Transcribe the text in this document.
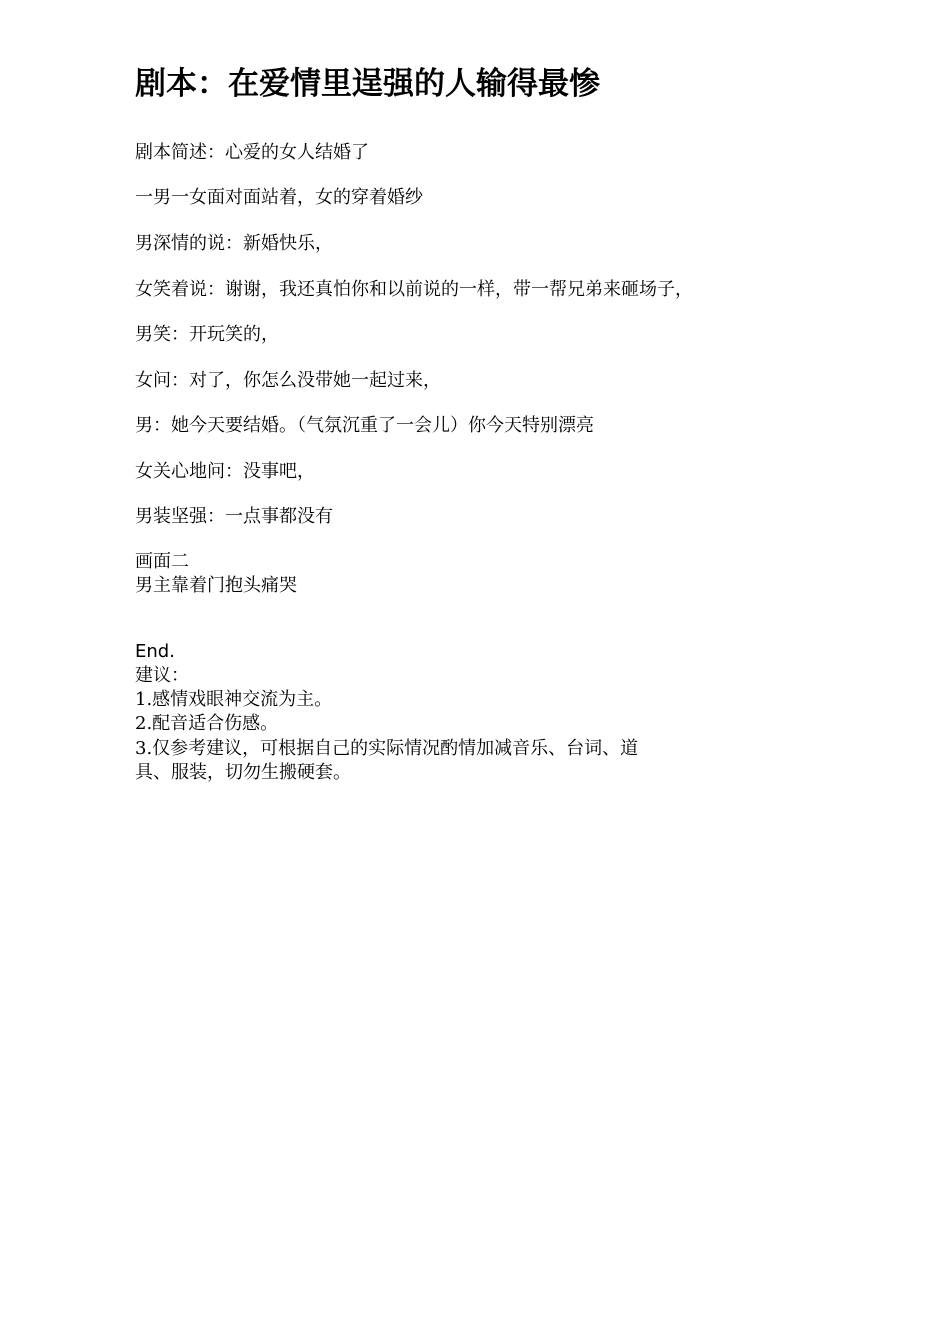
剧本：在爱情里逞强的人输得最惨

剧本简述：心爱的女人结婚了

一男一女面对面站着，女的穿着婚纱

男深情的说：新婚快乐，

女笑着说：谢谢，我还真怕你和以前说的一样，带一帮兄弟来砸场子，

男笑：开玩笑的，

女问：对了，你怎么没带她一起过来，

男：她今天要结婚。（气氛沉重了一会儿）你今天特别漂亮

女关心地问：没事吧，

男装坚强：一点事都没有

画面二

男主靠着门抱头痛哭

End.

建议：

1.感情戏眼神交流为主。

2.配音适合伤感。

3.仅参考建议，可根据自己的实际情况酌情加减音乐、台词、道

具、服装，切勿生搬硬套。
